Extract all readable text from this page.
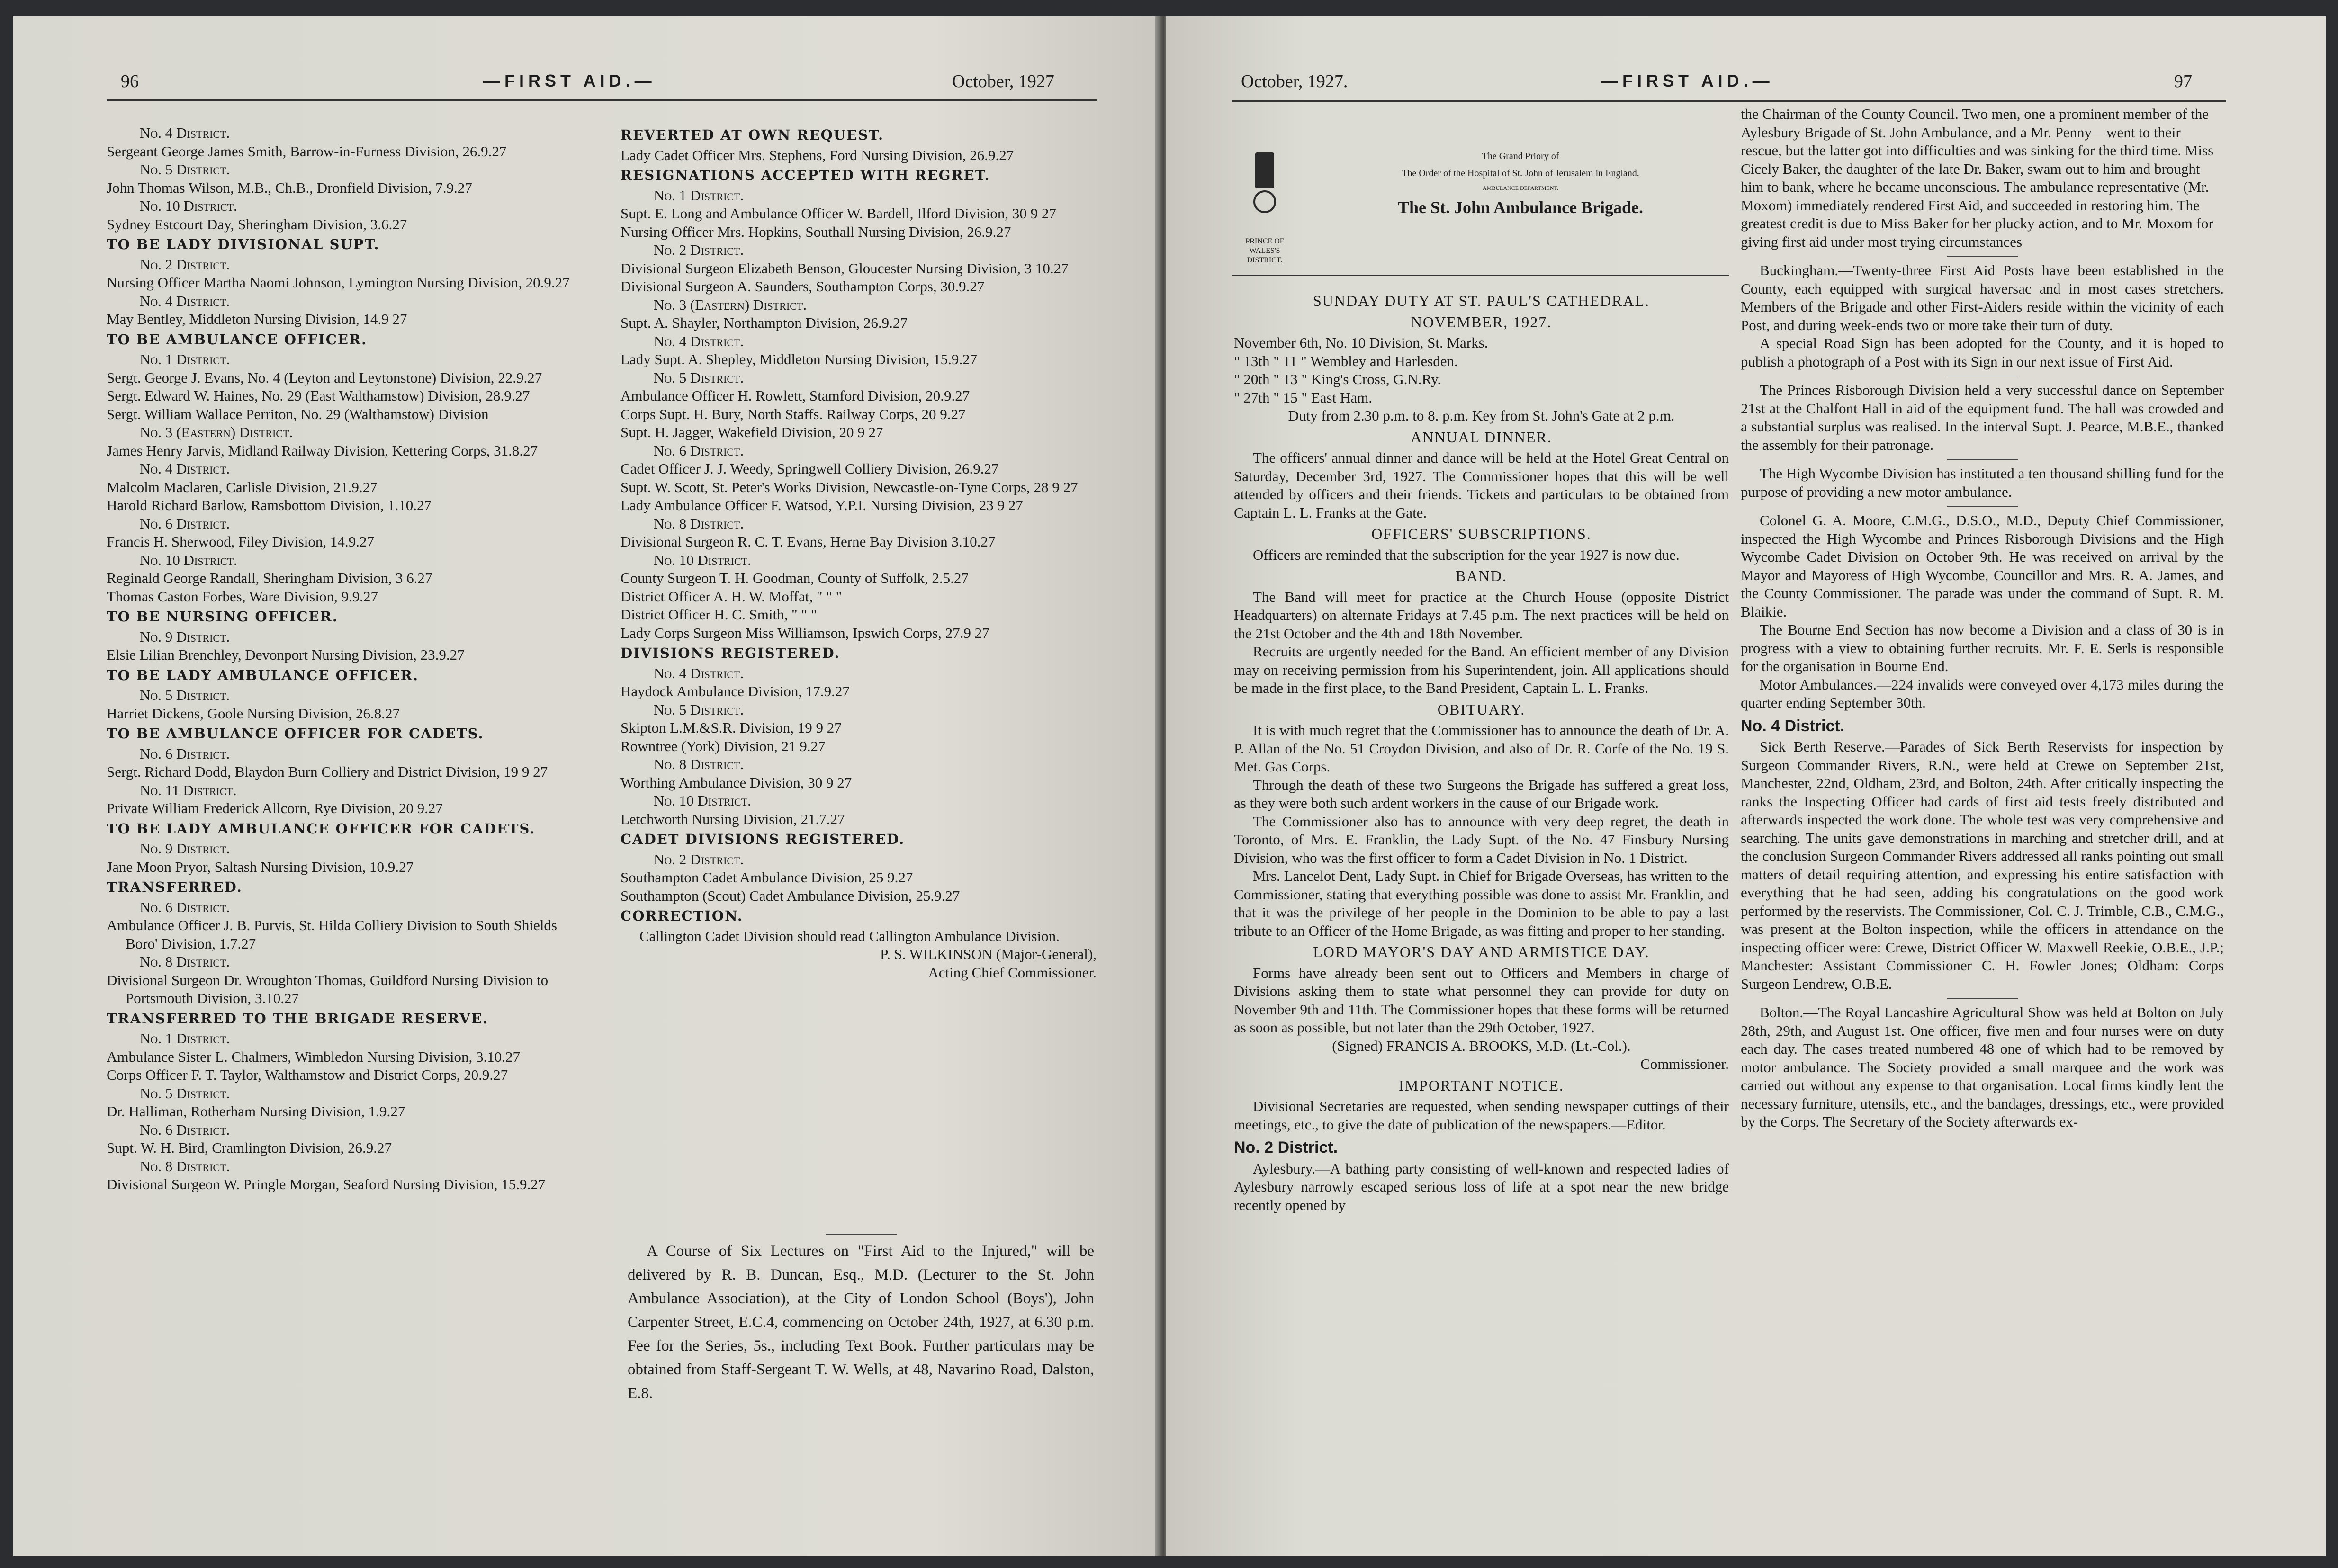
96	—FIRST AID.—	October, 1927

No. 4 District.

Sergeant George James Smith, Barrow-in-Furness Division, 26.9.27

No. 5 District.

John Thomas Wilson, M.B., Ch.B., Dronfield Division, 7.9.27

No. 10 District.

Sydney Estcourt Day, Sheringham Division, 3.6.27

TO BE LADY DIVISIONAL SUPT.

No. 2 District.

Nursing Officer Martha Naomi Johnson, Lymington Nursing Division, 20.9.27

No. 4 District.

May Bentley, Middleton Nursing Division, 14.9 27

TO BE AMBULANCE OFFICER.

No. 1 District.

Sergt. George J. Evans, No. 4 (Leyton and Leytonstone) Division, 22.9.27

Sergt. Edward W. Haines, No. 29 (East Walthamstow) Division, 28.9.27

Sergt. William Wallace Perriton, No. 29 (Walthamstow) Division

No. 3 (Eastern) District.

James Henry Jarvis, Midland Railway Division, Kettering Corps, 31.8.27

No. 4 District.

Malcolm Maclaren, Carlisle Division, 21.9.27

Harold Richard Barlow, Ramsbottom Division, 1.10.27

No. 6 District.

Francis H. Sherwood, Filey Division, 14.9.27

No. 10 District.

Reginald George Randall, Sheringham Division, 3 6.27

Thomas Caston Forbes, Ware Division, 9.9.27

TO BE NURSING OFFICER.

No. 9 District.

Elsie Lilian Brenchley, Devonport Nursing Division, 23.9.27

TO BE LADY AMBULANCE OFFICER.

No. 5 District.

Harriet Dickens, Goole Nursing Division, 26.8.27

TO BE AMBULANCE OFFICER FOR CADETS.

No. 6 District.

Sergt. Richard Dodd, Blaydon Burn Colliery and District Division, 19 9 27

No. 11 District.

Private William Frederick Allcorn, Rye Division, 20 9.27

TO BE LADY AMBULANCE OFFICER FOR CADETS.

No. 9 District.

Jane Moon Pryor, Saltash Nursing Division, 10.9.27

TRANSFERRED.

No. 6 District.

Ambulance Officer J. B. Purvis, St. Hilda Colliery Division to South Shields Boro' Division, 1.7.27

No. 8 District.

Divisional Surgeon Dr. Wroughton Thomas, Guildford Nursing Division to Portsmouth Division, 3.10.27

TRANSFERRED TO THE BRIGADE RESERVE.

No. 1 District.

Ambulance Sister L. Chalmers, Wimbledon Nursing Division, 3.10.27

Corps Officer F. T. Taylor, Walthamstow and District Corps, 20.9.27

No. 5 District.

Dr. Halliman, Rotherham Nursing Division, 1.9.27

No. 6 District.

Supt. W. H. Bird, Cramlington Division, 26.9.27

No. 8 District.

Divisional Surgeon W. Pringle Morgan, Seaford Nursing Division, 15.9.27

REVERTED AT OWN REQUEST.

Lady Cadet Officer Mrs. Stephens, Ford Nursing Division, 26.9.27

RESIGNATIONS ACCEPTED WITH REGRET.

No. 1 District.

Supt. E. Long and Ambulance Officer W. Bardell, Ilford Division, 30 9 27

Nursing Officer Mrs. Hopkins, Southall Nursing Division, 26.9.27

No. 2 District.

Divisional Surgeon Elizabeth Benson, Gloucester Nursing Division, 3 10.27

Divisional Surgeon A. Saunders, Southampton Corps, 30.9.27

No. 3 (Eastern) District.

Supt. A. Shayler, Northampton Division, 26.9.27

No. 4 District.

Lady Supt. A. Shepley, Middleton Nursing Division, 15.9.27

No. 5 District.

Ambulance Officer H. Rowlett, Stamford Division, 20.9.27

Corps Supt. H. Bury, North Staffs. Railway Corps, 20 9.27

Supt. H. Jagger, Wakefield Division, 20 9 27

No. 6 District.

Cadet Officer J. J. Weedy, Springwell Colliery Division, 26.9.27

Supt. W. Scott, St. Peter's Works Division, Newcastle-on-Tyne Corps, 28 9 27

Lady Ambulance Officer F. Watsod, Y.P.I. Nursing Division, 23 9 27

No. 8 District.

Divisional Surgeon R. C. T. Evans, Herne Bay Division 3.10.27

No. 10 District.

County Surgeon T. H. Goodman, County of Suffolk, 2.5.27

District Officer A. H. W. Moffat, " " "

District Officer H. C. Smith, " " "

Lady Corps Surgeon Miss Williamson, Ipswich Corps, 27.9 27

DIVISIONS REGISTERED.

No. 4 District.

Haydock Ambulance Division, 17.9.27

No. 5 District.

Skipton L.M.&S.R. Division, 19 9 27

Rowntree (York) Division, 21 9.27

No. 8 District.

Worthing Ambulance Division, 30 9 27

No. 10 District.

Letchworth Nursing Division, 21.7.27

CADET DIVISIONS REGISTERED.

No. 2 District.

Southampton Cadet Ambulance Division, 25 9.27

Southampton (Scout) Cadet Ambulance Division, 25.9.27

CORRECTION.

Callington Cadet Division should read Callington Ambulance Division.

P. S. WILKINSON (Major-General),

Acting Chief Commissioner.

A Course of Six Lectures on "First Aid to the Injured," will be delivered by R. B. Duncan, Esq., M.D. (Lecturer to the St. John Ambulance Association), at the City of London School (Boys'), John Carpenter Street, E.C.4, commencing on October 24th, 1927, at 6.30 p.m. Fee for the Series, 5s., including Text Book. Further particulars may be obtained from Staff-Sergeant T. W. Wells, at 48, Navarino Road, Dalston, E.8.

October, 1927.	—FIRST AID.—	97
PRINCE OF WALES'S DISTRICT.
The Grand Priory of
The Order of the Hospital of St. John of Jerusalem in England.
AMBULANCE DEPARTMENT.
The St. John Ambulance Brigade.

SUNDAY DUTY AT ST. PAUL'S CATHEDRAL.

NOVEMBER, 1927.

November 6th, No. 10 Division, St. Marks.

" 13th " 11 " Wembley and Harlesden.

" 20th " 13 " King's Cross, G.N.Ry.

" 27th " 15 " East Ham.

Duty from 2.30 p.m. to 8. p.m. Key from St. John's Gate at 2 p.m.

ANNUAL DINNER.

The officers' annual dinner and dance will be held at the Hotel Great Central on Saturday, December 3rd, 1927. The Commissioner hopes that this will be well attended by officers and their friends. Tickets and particulars to be obtained from Captain L. L. Franks at the Gate.

OFFICERS' SUBSCRIPTIONS.

Officers are reminded that the subscription for the year 1927 is now due.

BAND.

The Band will meet for practice at the Church House (opposite District Headquarters) on alternate Fridays at 7.45 p.m. The next practices will be held on the 21st October and the 4th and 18th November.

Recruits are urgently needed for the Band. An efficient member of any Division may on receiving permission from his Superintendent, join. All applications should be made in the first place, to the Band President, Captain L. L. Franks.

OBITUARY.

It is with much regret that the Commissioner has to announce the death of Dr. A. P. Allan of the No. 51 Croydon Division, and also of Dr. R. Corfe of the No. 19 S. Met. Gas Corps.

Through the death of these two Surgeons the Brigade has suffered a great loss, as they were both such ardent workers in the cause of our Brigade work.

The Commissioner also has to announce with very deep regret, the death in Toronto, of Mrs. E. Franklin, the Lady Supt. of the No. 47 Finsbury Nursing Division, who was the first officer to form a Cadet Division in No. 1 District.

Mrs. Lancelot Dent, Lady Supt. in Chief for Brigade Overseas, has written to the Commissioner, stating that everything possible was done to assist Mr. Franklin, and that it was the privilege of her people in the Dominion to be able to pay a last tribute to an Officer of the Home Brigade, as was fitting and proper to her standing.

LORD MAYOR'S DAY AND ARMISTICE DAY.

Forms have already been sent out to Officers and Members in charge of Divisions asking them to state what personnel they can provide for duty on November 9th and 11th. The Commissioner hopes that these forms will be returned as soon as possible, but not later than the 29th October, 1927.

(Signed) FRANCIS A. BROOKS, M.D. (Lt.-Col.).

Commissioner.

IMPORTANT NOTICE.

Divisional Secretaries are requested, when sending newspaper cuttings of their meetings, etc., to give the date of publication of the newspapers.—Editor.

No. 2 District.

Aylesbury.—A bathing party consisting of well-known and respected ladies of Aylesbury narrowly escaped serious loss of life at a spot near the new bridge recently opened by

the Chairman of the County Council. Two men, one a prominent member of the Aylesbury Brigade of St. John Ambulance, and a Mr. Penny—went to their rescue, but the latter got into difficulties and was sinking for the third time. Miss Cicely Baker, the daughter of the late Dr. Baker, swam out to him and brought him to bank, where he became unconscious. The ambulance representative (Mr. Moxom) immediately rendered First Aid, and succeeded in restoring him. The greatest credit is due to Miss Baker for her plucky action, and to Mr. Moxom for giving first aid under most trying circumstances

Buckingham.—Twenty-three First Aid Posts have been established in the County, each equipped with surgical haversac and in most cases stretchers. Members of the Brigade and other First-Aiders reside within the vicinity of each Post, and during week-ends two or more take their turn of duty.

A special Road Sign has been adopted for the County, and it is hoped to publish a photograph of a Post with its Sign in our next issue of First Aid.

The Princes Risborough Division held a very successful dance on September 21st at the Chalfont Hall in aid of the equipment fund. The hall was crowded and a substantial surplus was realised. In the interval Supt. J. Pearce, M.B.E., thanked the assembly for their patronage.

The High Wycombe Division has instituted a ten thousand shilling fund for the purpose of providing a new motor ambulance.

Colonel G. A. Moore, C.M.G., D.S.O., M.D., Deputy Chief Commissioner, inspected the High Wycombe and Princes Risborough Divisions and the High Wycombe Cadet Division on October 9th. He was received on arrival by the Mayor and Mayoress of High Wycombe, Councillor and Mrs. R. A. James, and the County Commissioner. The parade was under the command of Supt. R. M. Blaikie.

The Bourne End Section has now become a Division and a class of 30 is in progress with a view to obtaining further recruits. Mr. F. E. Serls is responsible for the organisation in Bourne End.

Motor Ambulances.—224 invalids were conveyed over 4,173 miles during the quarter ending September 30th.

No. 4 District.

Sick Berth Reserve.—Parades of Sick Berth Reservists for inspection by Surgeon Commander Rivers, R.N., were held at Crewe on September 21st, Manchester, 22nd, Oldham, 23rd, and Bolton, 24th. After critically inspecting the ranks the Inspecting Officer had cards of first aid tests freely distributed and afterwards inspected the work done. The whole test was very comprehensive and searching. The units gave demonstrations in marching and stretcher drill, and at the conclusion Surgeon Commander Rivers addressed all ranks pointing out small matters of detail requiring attention, and expressing his entire satisfaction with everything that he had seen, adding his congratulations on the good work performed by the reservists. The Commissioner, Col. C. J. Trimble, C.B., C.M.G., was present at the Bolton inspection, while the officers in attendance on the inspecting officer were: Crewe, District Officer W. Maxwell Reekie, O.B.E., J.P.; Manchester: Assistant Commissioner C. H. Fowler Jones; Oldham: Corps Surgeon Lendrew, O.B.E.

Bolton.—The Royal Lancashire Agricultural Show was held at Bolton on July 28th, 29th, and August 1st. One officer, five men and four nurses were on duty each day. The cases treated numbered 48 one of which had to be removed by motor ambulance. The Society provided a small marquee and the work was carried out without any expense to that organisation. Local firms kindly lent the necessary furniture, utensils, etc., and the bandages, dressings, etc., were provided by the Corps. The Secretary of the Society afterwards ex-
